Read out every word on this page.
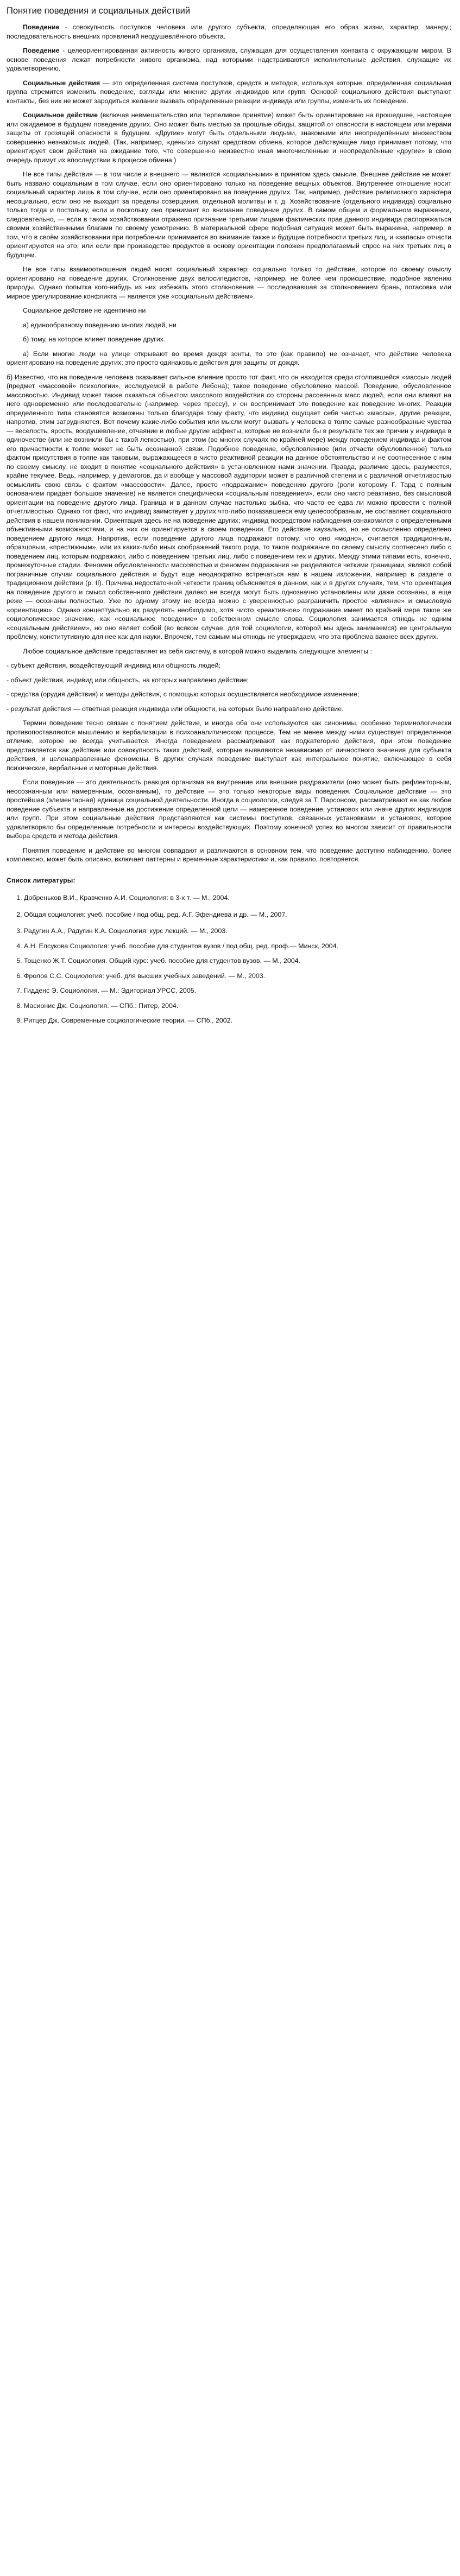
Понятие поведения и социальных действий

Поведение - совокупность поступков человека или другого субъекта, определяющая его образ жизни, характер, манеру.; последовательность внешних проявлений неодушевлённого объекта.

Поведение - целеориентированная активность живого организма, служащая для осуществления контакта с окружающим миром. В основе поведения лежат потребности живого организма, над которыми надстраиваются исполнительные действия, служащие их удовлетворению.

Социальные действия — это определенная система поступков, средств и методов, используя которые, определенная социальная группа стремится изменить поведение, взгляды или мнение других индивидов или групп. Основой социального действия выступают контакты, без них не может зародиться желание вызвать определенные реакции индивида или группы, изменить их поведение.

Социальное действие (включая невмешательство или терпеливое принятие) может быть ориентировано на прошедшее, настоящее или ожидаемое в будущем поведение других. Оно может быть местью за прошлые обиды, защитой от опасности в настоящем или мерами защиты от грозящей опасности в будущем. «Другие» могут быть отдельными людьми, знакомыми или неопределённым множеством совершенно незнакомых людей. (Так, например, «деньги» служат средством обмена, которое действующее лицо принимает потому, что ориентирует свои действия на ожидание того, что совершенно неизвестно иная многочисленные и неопределённые «другие» в свою очередь примут их впоследствии в процессе обмена.)

Не все типы действия — в том числе и внешнего — являются «социальными» в принятом здесь смысле. Внешнее действие не может быть названо социальным в том случае, если оно ориентировано только на поведение вещных объектов. Внутреннее отношение носит социальный характер лишь в том случае, если оно ориентировано на поведение других. Так, например, действие религиозного характера несоциально, если оно не выходит за пределы созерцания, отдельной молитвы и т. д. Хозяйствование (отдельного индивида) социально только тогда и постольку, если и поскольку оно принимает во внимание поведение других. В самом общем и формальном выражении, следовательно, — если в таком хозяйствовании отражено признание третьими лицами фактических прав данного индивида распоряжаться своими хозяйственными благами по своему усмотрению. В материальной сфере подобная ситуация может быть выражена, например, в том, что в своём хозяйствовании при потреблении принимается во внимание также и будущие потребности третьих лиц, и «запасы» отчасти ориентируются на это; или если при производстве продуктов в основу ориентации положен предполагаемый спрос на них третьих лиц в будущем.

Не все типы взаимоотношения людей носят социальный характер; социально только то действие, которое по своему смыслу ориентировано на поведение других. Столкновение двух велосипедистов, например, не более чем происшествие, подобное явлению природы. Однако попытка кого-нибудь из них избежать этого столкновения — последовавшая за столкновением брань, потасовка или мирное урегулирование конфликта — является уже «социальным действием».

Социальное действие не идентично ни

а) единообразному поведению многих людей, ни

б) тому, на которое влияет поведение других.

а) Если многие люди на улице открывают во время дождя зонты, то это (как правило) не означает, что действие человека ориентировано на поведение других; это просто одинаковые действия для защиты от дождя.

б) Известно, что на поведение человека оказывает сильное влияние просто тот факт, что он находится среди столпившейся «массы» людей (предмет «массовой» психологии», исследуемой в работе Лебона); такое поведение обусловлено массой. Поведение, обусловленное массовостью. Индивид может также оказаться объектом массового воздействия со стороны рассеянных масс людей, если они влияют на него одновременно или последовательно (например, через прессу), и он воспринимает это поведение как поведение многих. Реакции определенного типа становятся возможны только благодаря тому факту, что индивид ощущает себя частью «массы», другие реакции, напротив, этим затрудняются. Вот почему какие-либо события или мысли могут вызвать у человека в толпе самые разнообразные чувства — веселость, ярость, воодушевление, отчаяние и любые другие аффекты, которые не возникли бы в результате тех же причин у индивида в одиночестве (или же возникли бы с такой легкостью), при этом (во многих случаях по крайней мере) между поведением индивида и фактом его причастности к толпе может не быть осознанной связи. Подобное поведение, обусловленное (или отчасти обусловленное) только фактом присутствия в толпе как таковым, выражающееся в чисто реактивной реакции на данное обстоятельство и не соотнесенное с ним по своему смыслу, не входит в понятие «социального действия» в установленном нами значении. Правда, различие здесь, разумеется, крайне текучее. Ведь, например, у демагогов, да и вообще у массовой аудитории может в различной степени и с различной отчетливостью осмыслить свою связь с фактом «массовости». Далее, просто «подражание» поведению другого (роли которому Г. Тард с полным основанием придает большое значение) не является специфически «социальным поведением», если оно чисто реактивно, без смысловой ориентации на поведение другого лица. Граница и в данном случае настолько зыбка, что часто ее едва ли можно провести с полной отчетливостью. Однако тот факт, что индивид заимствует у других что-либо показавшееся ему целесообразным, не составляет социального действия в нашем понимании. Ориентация здесь не на поведение других; индивид посредством наблюдения ознакомился с определенными объективными возможностями, и на них он ориентируется в своем поведении. Его действие каузально, но не осмысленно определено поведением другого лица. Напротив, если поведение другого лица подражают потому, что оно «модно», считается традиционным, образцовым, «престижным», или из каких-либо иных соображений такого рода, то такое подражание по своему смыслу соотнесено либо с поведением лиц, которым подражают, либо с поведением третьих лиц, либо с поведением тех и других. Между этими типами есть, конечно, промежуточные стадии. Феномен обусловленности массовостью и феномен подражания не разделяются четкими границами, являют собой пограничные случаи социального действия и будут еще неоднократно встречаться нам в нашем изложении, например в разделе о традиционном действии (р. II). Причина недостаточной четкости границ объясняется в данном, как и в других случаях, тем, что ориентация на поведение другого и смысл собственного действия далеко не всегда могут быть однозначно установлены или даже осознаны, а еще реже — осознаны полностью. Уже по одному этому не всегда можно с уверенностью разграничить простое «влияние» и смысловую «ориентацию». Однако концептуально их разделять необходимо, хотя чисто «реактивное» подражание имеет по крайней мере такое же социологическое значение, как «социальное поведение» в собственном смысле слова. Социология занимается отнюдь не одним «социальным действием», но оно являет собой (во всяком случае, для той социологии, которой мы здесь занимаемся) ее центральную проблему, конститутивную для нее как для науки. Впрочем, тем самым мы отнюдь не утверждаем, что эта проблема важнее всех других.

Любое социальное действие представляет из себя систему, в которой можно выделить следующие элементы :

- субъект действия, воздействующий индивид или общность людей;

- объект действия, индивид или общность, на которых направлено действие;

- средства (орудия действия) и методы действия, с помощью которых осуществляется необходимое изменение;

- результат действия — ответная реакция индивида или общности, на которых было направлено действие.

Термин поведение тесно связан с понятием действие, и иногда оба они используются как синонимы, особенно терминологически противопоставляются мышлению и вербализации в психоаналитическом процессе. Тем не менее между ними существует определенное отличие, которое не всегда учитывается. Иногда поведением рассматривают как подкатегорию действия, при этом поведение представляется как действие или совокупность таких действий, которые выявляются независимо от личностного значения для субъекта действия, и целенаправленные феномены. В других случаях поведение выступает как интегральное понятие, включающее в себя психические, вербальные и моторные действия.

Если поведение — это деятельность реакция организма на внутренние или внешние раздражители (оно может быть рефлекторным, неосознанным или намеренным, осознанным), то действие — это только некоторые виды поведения. Социальное действие — это простейшая (элементарная) единица социальной деятельности. Иногда в социологии, следуя за Т. Парсонсом, рассматривают ее как любое поведение субъекта и направленные на достижение определенной цели — намеренное поведение, установок или иначе других индивидов или групп. При этом социальные действия представляются как системы поступков, связанных установками и установок, которое удовлетворяло бы определенные потребности и интересы воздействующих. Поэтому конечной успех во многом зависит от правильности выбора средств и метода действия.

Понятия поведение и действие во многом совпадают и различаются в основном тем, что поведение доступно наблюдению, более комплексно, может быть описано, включает паттерны и временные характеристики и, как правило, повторяется.

Список литературы:
1. Добреньков В.И., Кравченко А.И. Социология: в 3-х т. — М., 2004.
2. Общая социология: учеб. пособие / под общ. ред. А.Г. Эфендиева и др. — М., 2007.
3. Радугин А.А., Радугин К.А. Социология: курс лекций. — М., 2003.
4. А.Н. Елсукова Социология: учеб. пособие для студентов вузов / под общ. ред. проф.— Минск, 2004.
5. Тощенко Ж.Т. Социология. Общий курс: учеб. пособие для студентов вузов. — М., 2004.
6. Фролов С.С. Социология: учеб. для высших учебных заведений. — М., 2003.
7. Гидденс Э. Социология. — М.: Эдиториал УРСС, 2005.
8. Масионис Дж. Социология. — СПб.: Питер, 2004.
9. Ритцер Дж. Современные социологические теории. — СПб., 2002.
